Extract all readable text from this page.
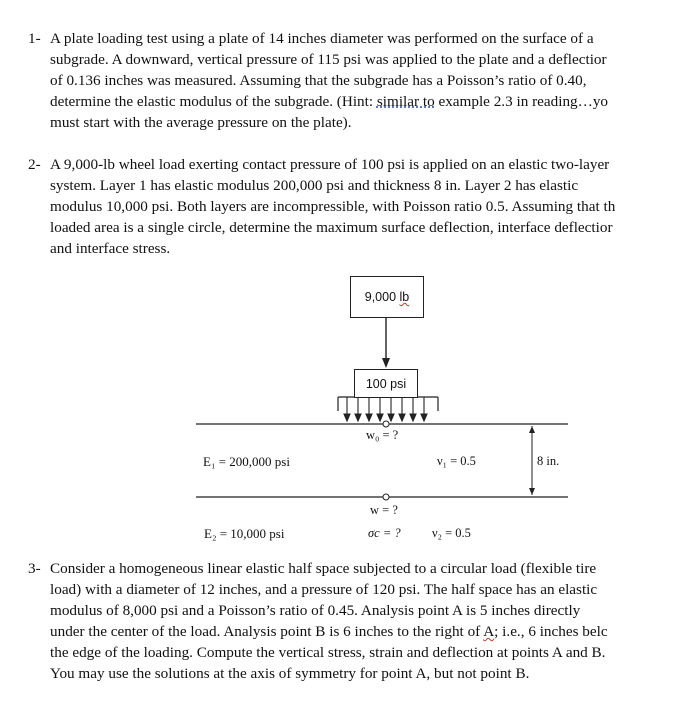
1- A plate loading test using a plate of 14 inches diameter was performed on the surface of a
subgrade. A downward, vertical pressure of 115 psi was applied to the plate and a deflectior
of 0.136 inches was measured. Assuming that the subgrade has a Poisson’s ratio of 0.40,
determine the elastic modulus of the subgrade. (Hint: similar to example 2.3 in reading…yo
must start with the average pressure on the plate).
2- A 9,000-lb wheel load exerting contact pressure of 100 psi is applied on an elastic two-layer
system. Layer 1 has elastic modulus 200,000 psi and thickness 8 in. Layer 2 has elastic
modulus 10,000 psi. Both layers are incompressible, with Poisson ratio 0.5. Assuming that th
loaded area is a single circle, determine the maximum surface deflection, interface deflectior
and interface stress.
9,000
lb
100 psi
w₀ = ?
E₁ = 200,000 psi	ν₁ = 0.5	8 in.
w = ?
E₂ = 10,000 psi	σc = ?	ν₂ = 0.5
3- Consider a homogeneous linear elastic half space subjected to a circular load (flexible tire
load) with a diameter of 12 inches, and a pressure of 120 psi. The half space has an elastic
modulus of 8,000 psi and a Poisson’s ratio of 0.45. Analysis point A is 5 inches directly
under the center of the load. Analysis point B is 6 inches to the right of A; i.e., 6 inches belc
the edge of the loading. Compute the vertical stress, strain and deflection at points A and B.
You may use the solutions at the axis of symmetry for point A, but not point B.
